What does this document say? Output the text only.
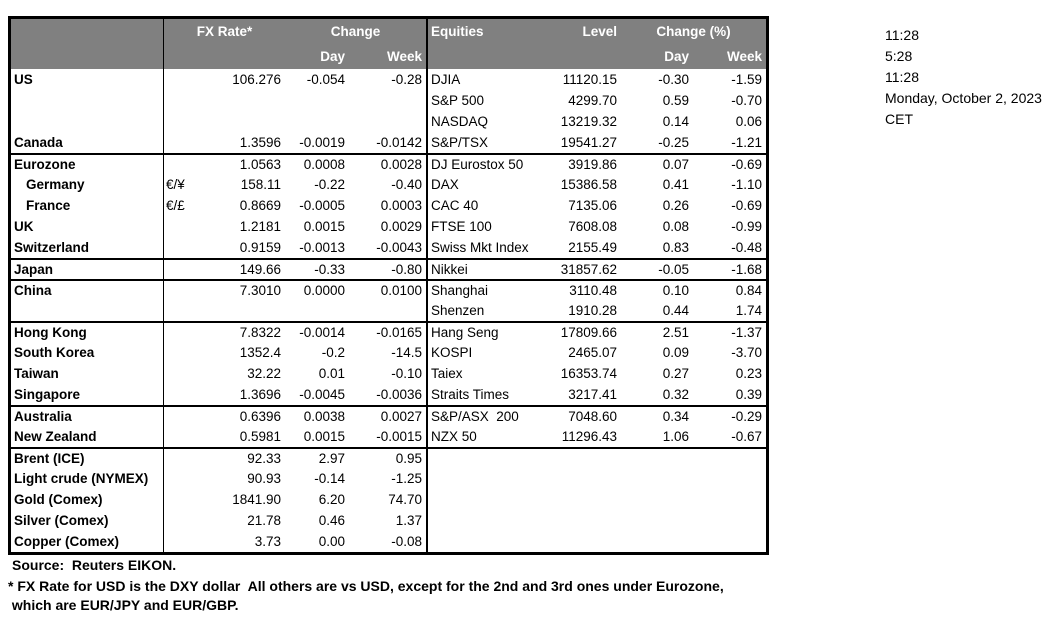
FX Rate*	Change	Equities	Level	Change (%)
Day	Week	Day	Week
US	106.276	-0.054	-0.28 DJIA	11120.15	-0.30	-1.59
S&P 500	4299.70	0.59	-0.70
NASDAQ	13219.32	0.14	0.06
Canada	1.3596	-0.0019	-0.0142 S&P/TSX	19541.27	-0.25	-1.21
Eurozone	1.0563	0.0008	0.0028 DJ Eurostox 50	3919.86	0.07	-0.69
Germany	€/¥	158.11	-0.22	-0.40 DAX	15386.58	0.41	-1.10
France	€/£	0.8669	-0.0005	0.0003 CAC 40	7135.06	0.26	-0.69
UK	1.2181	0.0015	0.0029 FTSE 100	7608.08	0.08	-0.99
Switzerland	0.9159	-0.0013	-0.0043 Swiss Mkt Index	2155.49	0.83	-0.48
Japan	149.66	-0.33	-0.80 Nikkei	31857.62	-0.05	-1.68
China	7.3010	0.0000	0.0100 Shanghai	3110.48	0.10	0.84
Shenzen	1910.28	0.44	1.74
Hong Kong	7.8322	-0.0014	-0.0165 Hang Seng	17809.66	2.51	-1.37
South Korea	1352.4	-0.2	-14.5 KOSPI	2465.07	0.09	-3.70
Taiwan	32.22	0.01	-0.10 Taiex	16353.74	0.27	0.23
Singapore	1.3696	-0.0045	-0.0036 Straits Times	3217.41	0.32	0.39
Australia	0.6396	0.0038	0.0027 S&P/ASX  200	7048.60	0.34	-0.29
New Zealand	0.5981	0.0015	-0.0015 NZX 50	11296.43	1.06	-0.67
Brent (ICE)	92.33	2.97	0.95
Light crude (NYMEX)	90.93	-0.14	-1.25
Gold (Comex)	1841.90	6.20	74.70
Silver (Comex)	21.78	0.46	1.37
Copper (Comex)	3.73	0.00	-0.08
11:28
5:28
11:28
Monday, October 2, 2023
CET
Source:  Reuters EIKON.
* FX Rate for USD is the DXY dollar  All others are vs USD, except for the 2nd and 3rd ones under Eurozone,
which are EUR/JPY and EUR/GBP.
